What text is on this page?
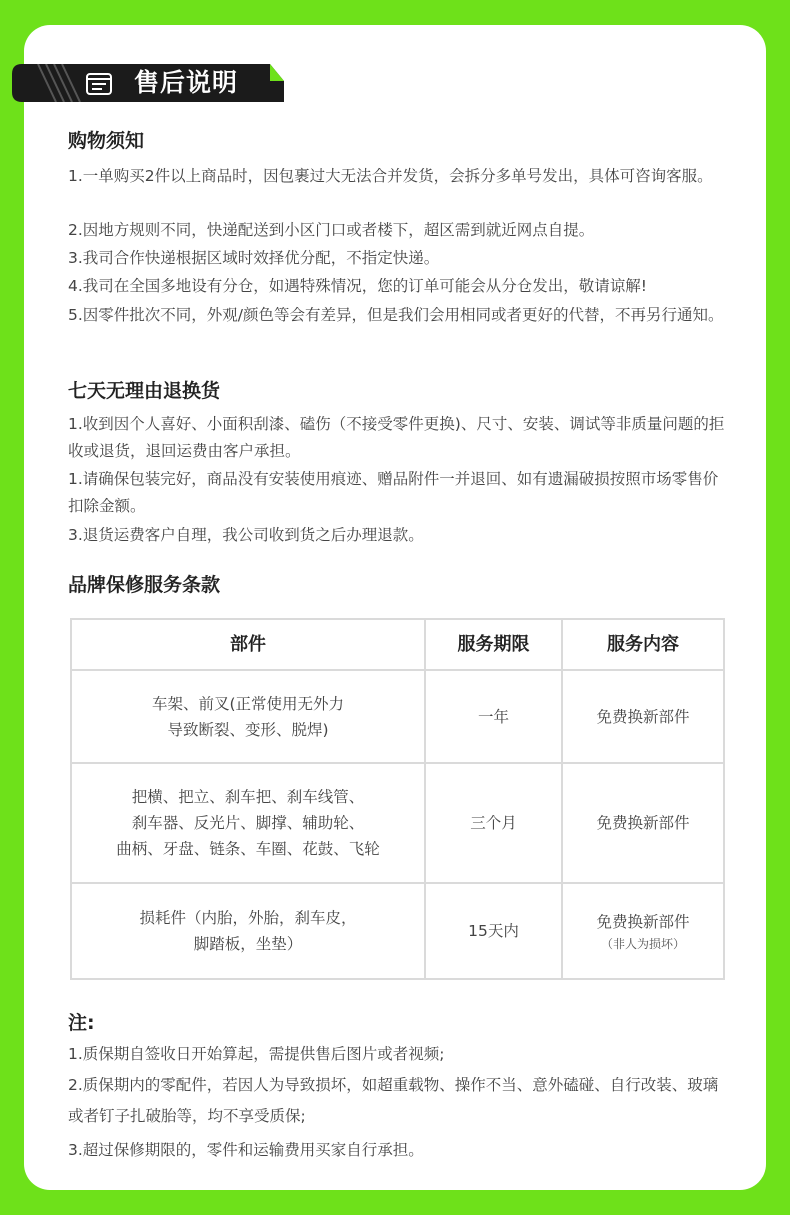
售后说明
购物须知

1.一单购买2件以上商品时，因包裹过大无法合并发货，会拆分多单号发出，具体可咨询客服。

2.因地方规则不同，快递配送到小区门口或者楼下，超区需到就近网点自提。

3.我司合作快递根据区域时效择优分配，不指定快递。

4.我司在全国多地设有分仓，如遇特殊情况，您的订单可能会从分仓发出，敬请谅解!

5.因零件批次不同，外观/颜色等会有差异，但是我们会用相同或者更好的代替，不再另行通知。

七天无理由退换货

1.收到因个人喜好、小面积刮漆、磕伤（不接受零件更换)、尺寸、安装、调试等非质量问题的拒收或退货，退回运费由客户承担。

1.请确保包装完好，商品没有安装使用痕迹、赠品附件一并退回、如有遗漏破损按照市场零售价扣除金额。

3.退货运费客户自理，我公司收到货之后办理退款。

品牌保修服务条款
部件	服务期限	服务内容

车架、前叉(正常使用无外力
导致断裂、变形、脱焊)	一年	免费换新部件

把横、把立、刹车把、刹车线管、
刹车器、反光片、脚撑、辅助轮、
曲柄、牙盘、链条、车圈、花鼓、飞轮	三个月	免费换新部件

损耗件（内胎，外胎，刹车皮，
脚踏板，坐垫）	15天内	免费换新部件
（非人为损坏）
注:

1.质保期自签收日开始算起，需提供售后图片或者视频;

2.质保期内的零配件，若因人为导致损坏，如超重载物、操作不当、意外磕碰、自行改装、玻璃或者钉子扎破胎等，均不享受质保;

3.超过保修期限的，零件和运输费用买家自行承担。
